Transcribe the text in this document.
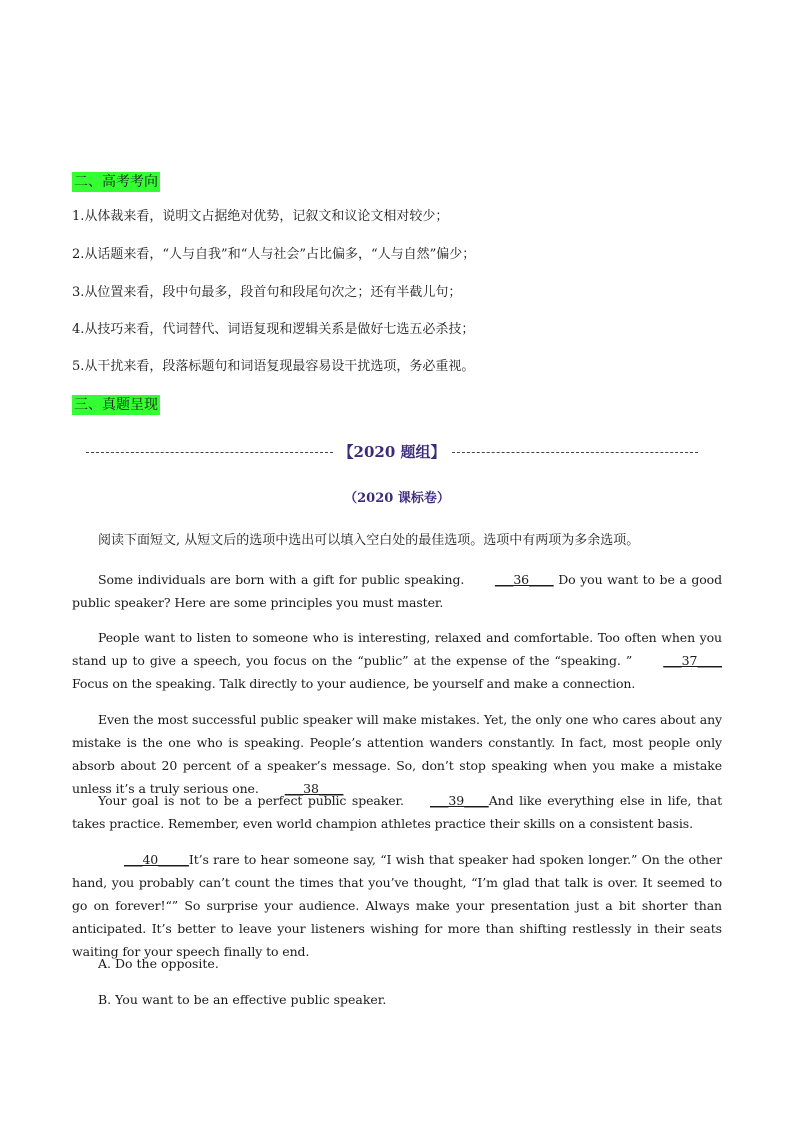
二、高考考向
1.从体裁来看，说明文占据绝对优势，记叙文和议论文相对较少；
2.从话题来看，“人与自我”和“人与社会”占比偏多，“人与自然”偏少；
3.从位置来看，段中句最多，段首句和段尾句次之；还有半截儿句；
4.从技巧来看，代词替代、词语复现和逻辑关系是做好七选五必杀技；
5.从干扰来看，段落标题句和词语复现最容易设干扰选项，务必重视。
三、真题呈现
【2020 题组】
（2020 课标卷）
阅读下面短文, 从短文后的选项中选出可以填入空白处的最佳选项。选项中有两项为多余选项。
Some individuals are born with a gift for public speaking. ___36____ Do you want to be a good public speaker? Here are some principles you must master.
People want to listen to someone who is interesting, relaxed and comfortable. Too often when you stand up to give a speech, you focus on the “public” at the expense of the “speaking. ” ___37____ Focus on the speaking. Talk directly to your audience, be yourself and make a connection.
Even the most successful public speaker will make mistakes. Yet, the only one who cares about any mistake is the one who is speaking. People’s attention wanders constantly. In fact, most people only absorb about 20 percent of a speaker’s message. So, don’t stop speaking when you make a mistake unless it’s a truly serious one. ___38____
Your goal is not to be a perfect public speaker. ___39____And like everything else in life, that takes practice. Remember, even world champion athletes practice their skills on a consistent basis.
___40_____It’s rare to hear someone say, “I wish that speaker had spoken longer.” On the other hand, you probably can’t count the times that you’ve thought, “I’m glad that talk is over. It seemed to go on forever!“” So surprise your audience. Always make your presentation just a bit shorter than anticipated. It’s better to leave your listeners wishing for more than shifting restlessly in their seats waiting for your speech finally to end.
A. Do the opposite.
B. You want to be an effective public speaker.
